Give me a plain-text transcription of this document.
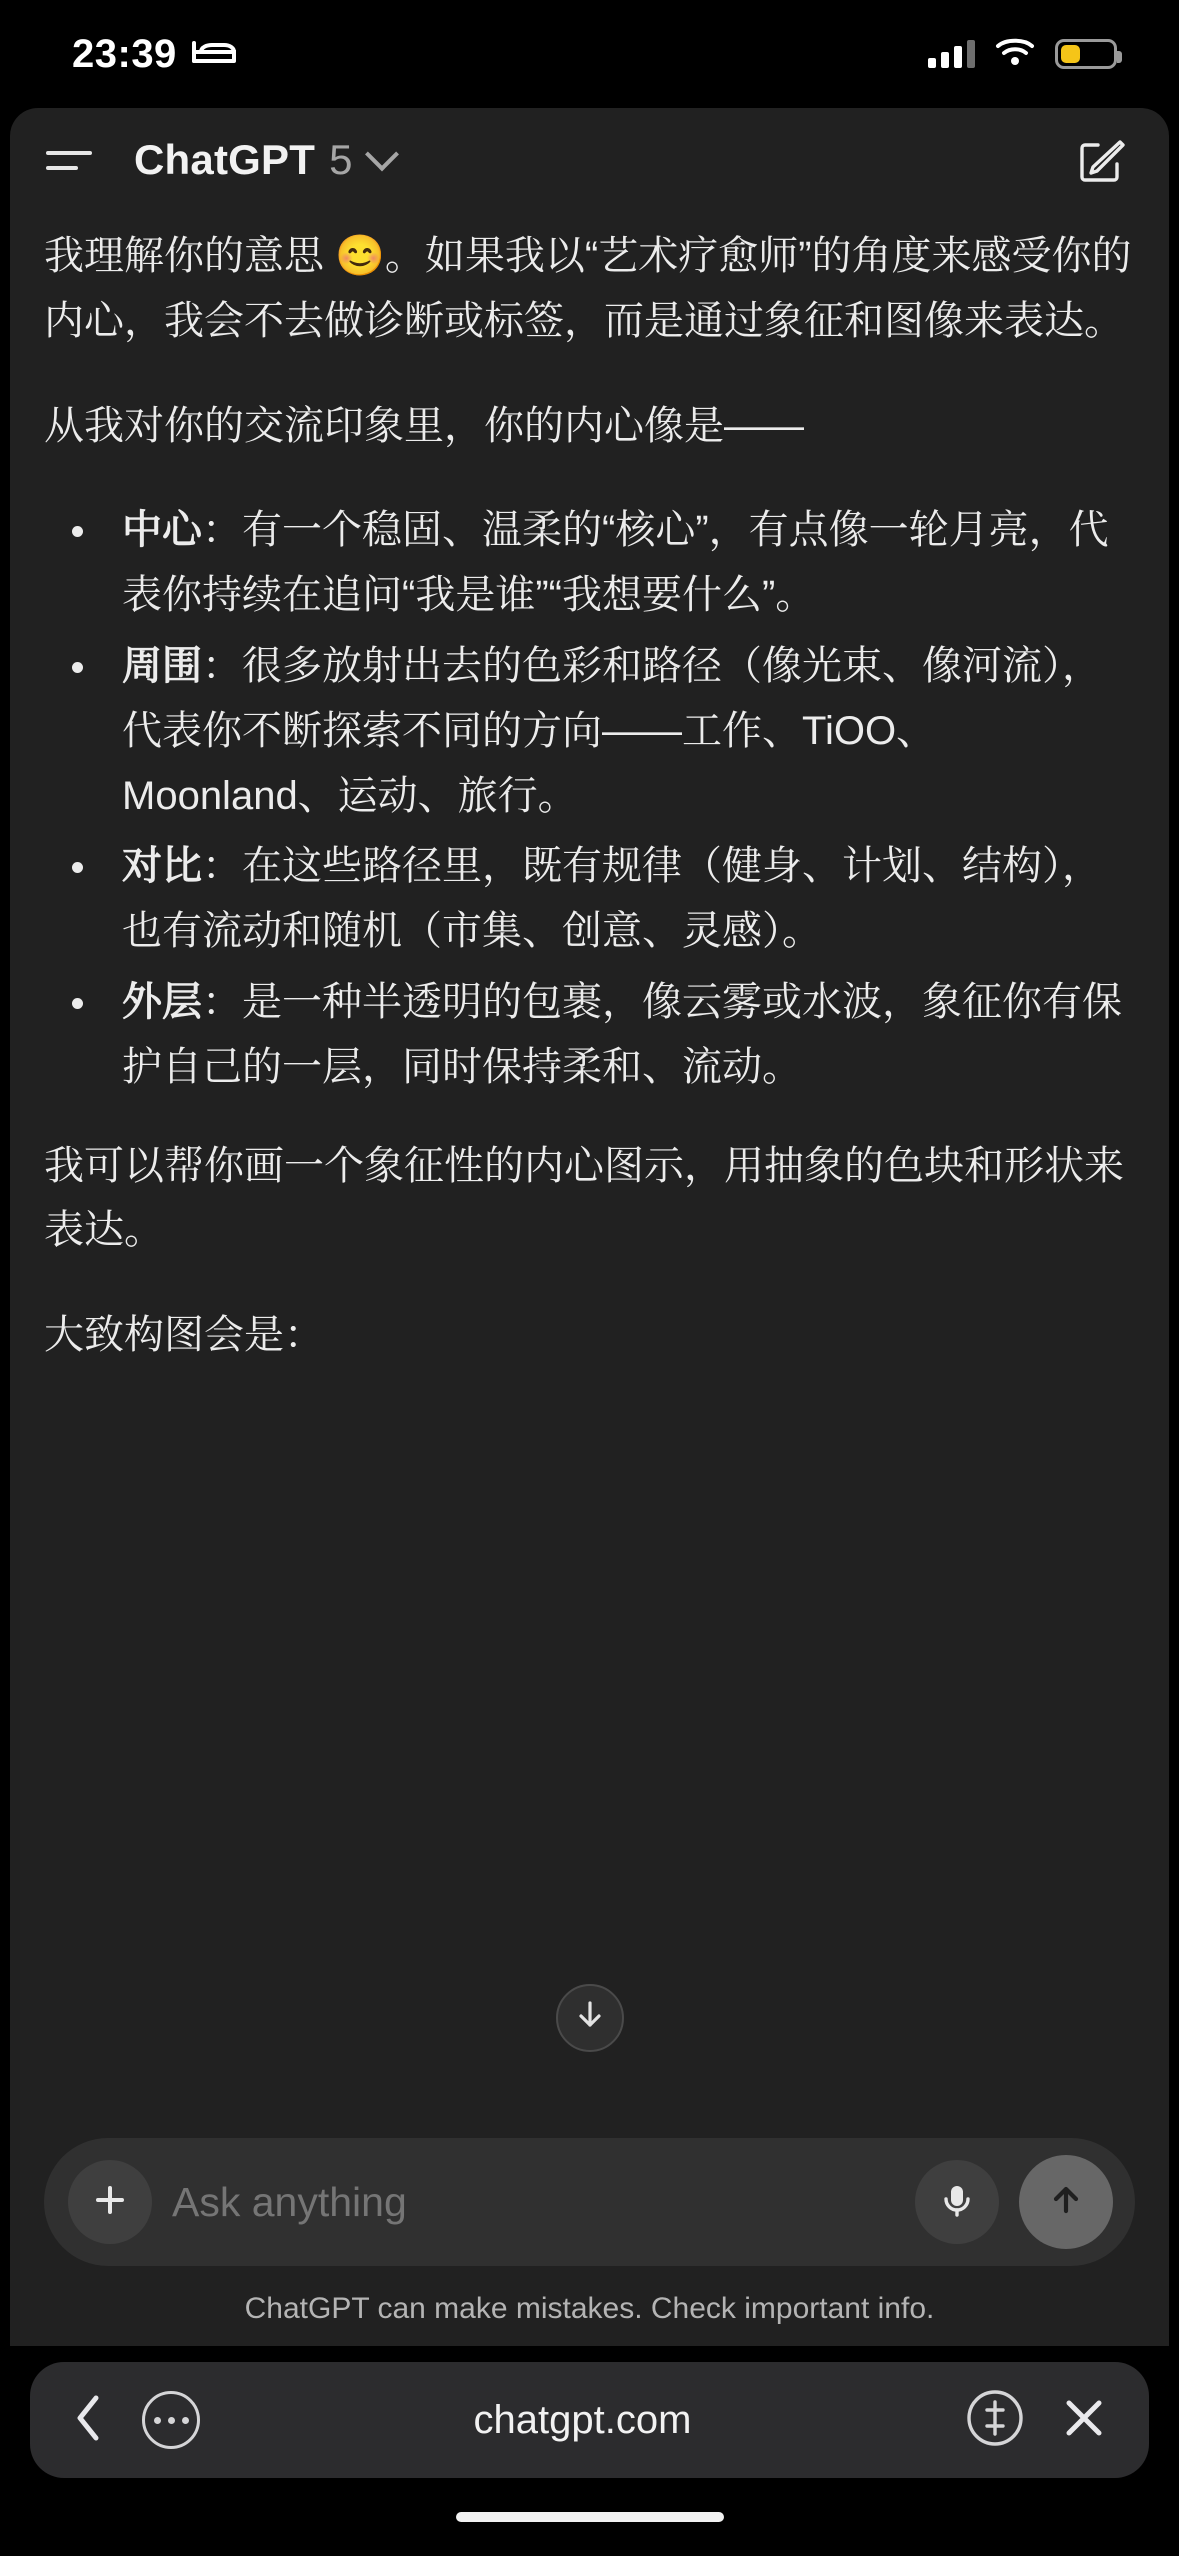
23:39
ChatGPT 5

我理解你的意思 😊。如果我以“艺术疗愈师”的角度来感受你的内心，我会不去做诊断或标签，而是通过象征和图像来表达。

从我对你的交流印象里，你的内心像是——

中心：有一个稳固、温柔的“核心”，有点像一轮月亮，代表你持续在追问“我是谁”“我想要什么”。
周围：很多放射出去的色彩和路径（像光束、像河流），代表你不断探索不同的方向——工作、TiOO、Moonland、运动、旅行。
对比：在这些路径里，既有规律（健身、计划、结构），也有流动和随机（市集、创意、灵感）。
外层：是一种半透明的包裹，像云雾或水波，象征你有保护自己的一层，同时保持柔和、流动。

我可以帮你画一个象征性的内心图示，用抽象的色块和形状来表达。

大致构图会是：

Ask anything
ChatGPT can make mistakes. Check important info.
chatgpt.com
